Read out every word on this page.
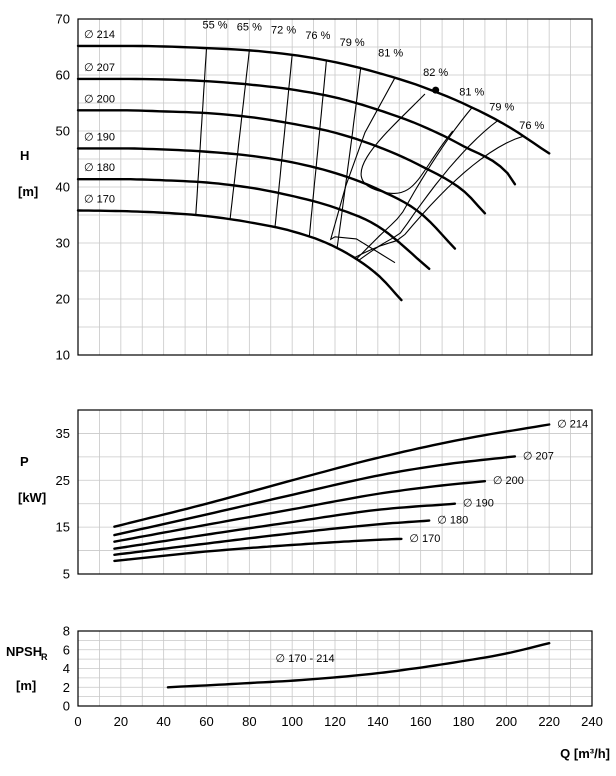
10
20
30
40
50
60
70
H
[m]
∅ 214
∅ 207
∅ 200
∅ 190
∅ 180
∅ 170
55 % 65 % 72 % 76 %
79 %
81 %
82 %
81 %
79 %
76 %
5
15
25
35
P
[kW]
∅ 214
∅ 207
∅ 200
∅ 190
∅ 180
∅ 170
0
2
4
6
8
0 20 40 60 80 100 120 140 160 180 200 220 240
NPSH
R
[m]
Q [m³/h]
∅ 170 - 214
